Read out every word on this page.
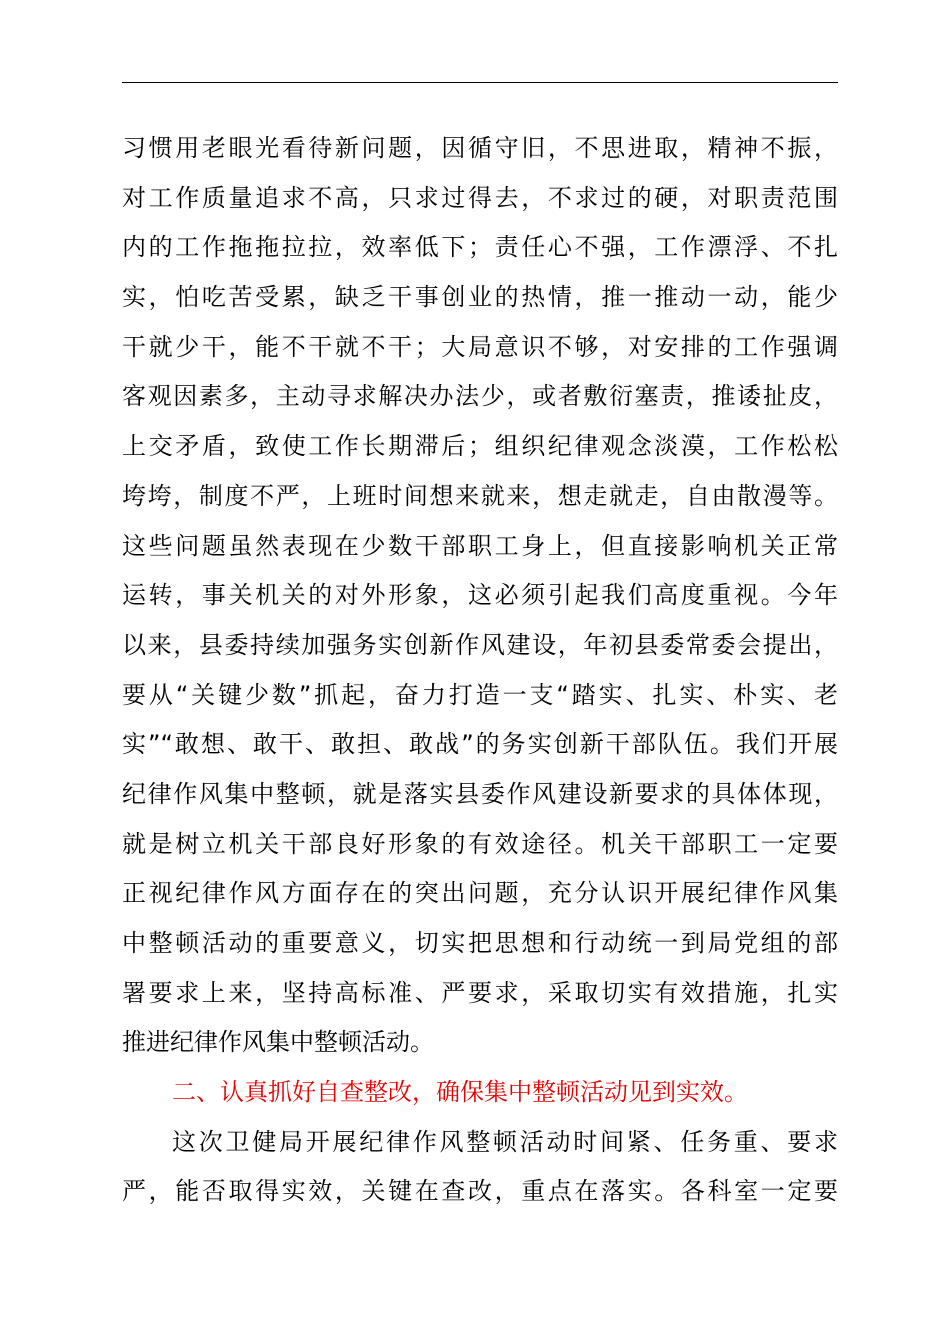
习惯用老眼光看待新问题，因循守旧，不思进取，精神不振，
对工作质量追求不高，只求过得去，不求过的硬，对职责范围
内的工作拖拖拉拉，效率低下；责任心不强，工作漂浮、不扎
实，怕吃苦受累，缺乏干事创业的热情，推一推动一动，能少
干就少干，能不干就不干；大局意识不够，对安排的工作强调
客观因素多，主动寻求解决办法少，或者敷衍塞责，推诿扯皮，
上交矛盾，致使工作长期滞后；组织纪律观念淡漠，工作松松
垮垮，制度不严，上班时间想来就来，想走就走，自由散漫等。
这些问题虽然表现在少数干部职工身上，但直接影响机关正常
运转，事关机关的对外形象，这必须引起我们高度重视。今年
以来，县委持续加强务实创新作风建设，年初县委常委会提出，
要从“关键少数”抓起，奋力打造一支“踏实、扎实、朴实、老
实”“敢想、敢干、敢担、敢战”的务实创新干部队伍。我们开展
纪律作风集中整顿，就是落实县委作风建设新要求的具体体现，
就是树立机关干部良好形象的有效途径。机关干部职工一定要
正视纪律作风方面存在的突出问题，充分认识开展纪律作风集
中整顿活动的重要意义，切实把思想和行动统一到局党组的部
署要求上来，坚持高标准、严要求，采取切实有效措施，扎实
推进纪律作风集中整顿活动。
二、认真抓好自查整改，确保集中整顿活动见到实效。
这次卫健局开展纪律作风整顿活动时间紧、任务重、要求
严，能否取得实效，关键在查改，重点在落实。各科室一定要
